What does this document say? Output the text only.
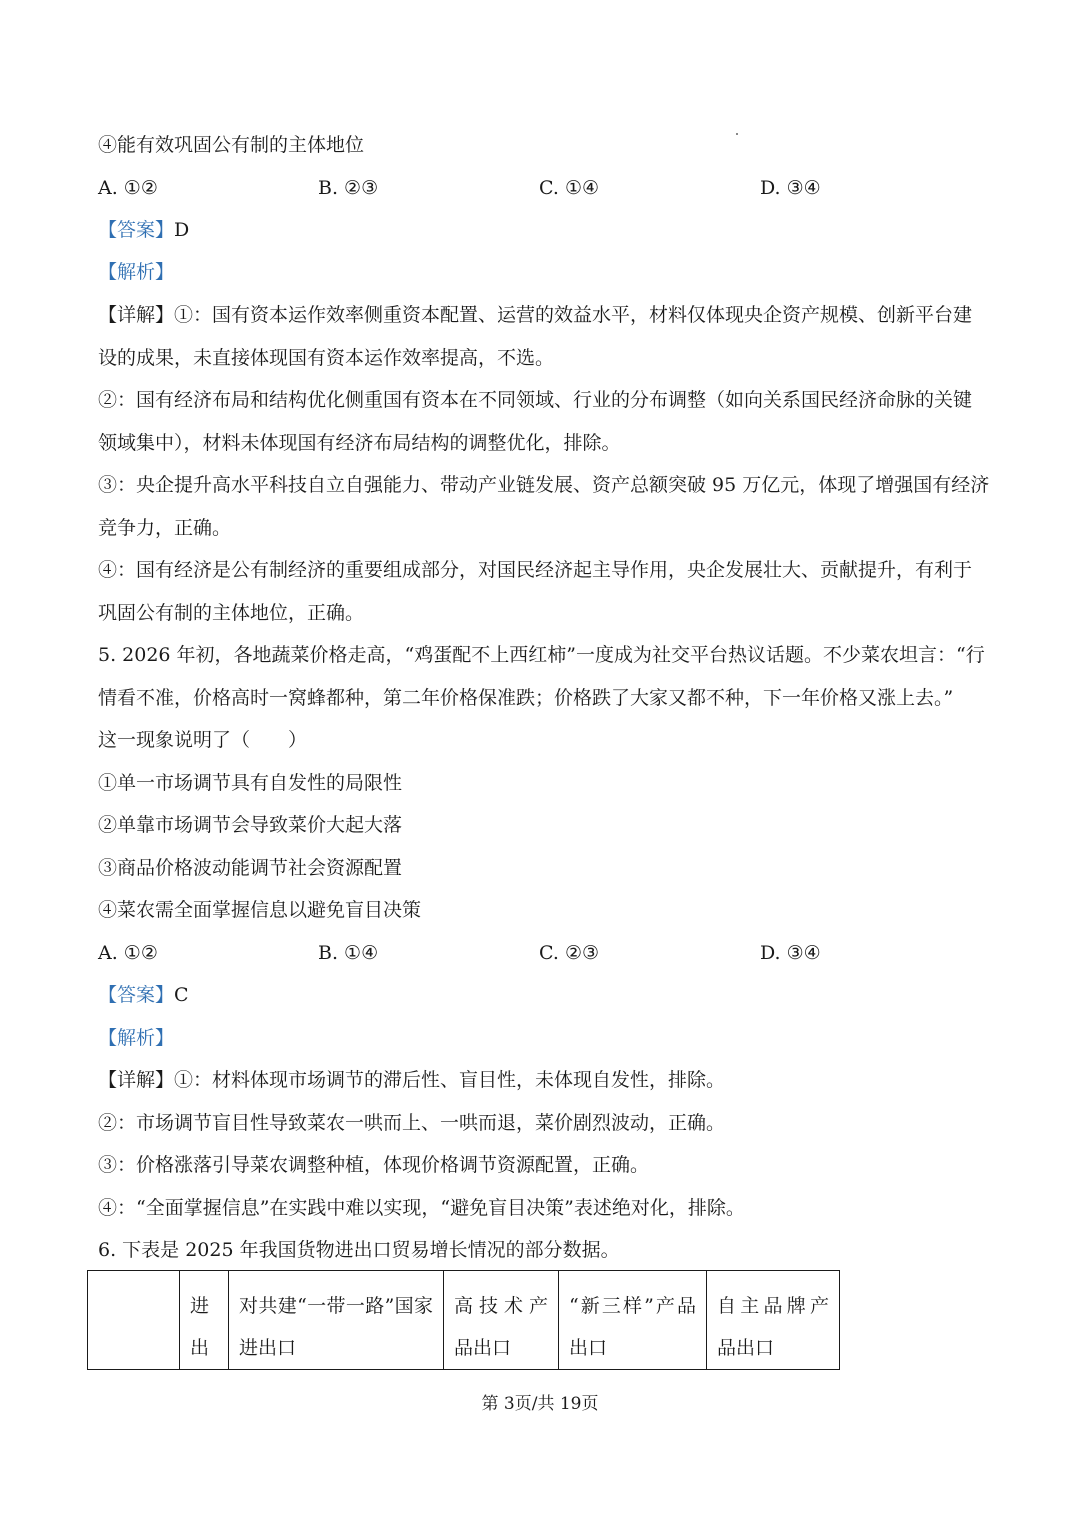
④能有效巩固公有制的主体地位
A. ①②	B. ②③	C. ①④	D. ③④
【答案】D
【解析】
【详解】①：国有资本运作效率侧重资本配置、运营的效益水平，材料仅体现央企资产规模、创新平台建
设的成果，未直接体现国有资本运作效率提高，不选。
②：国有经济布局和结构优化侧重国有资本在不同领域、行业的分布调整（如向关系国民经济命脉的关键
领域集中），材料未体现国有经济布局结构的调整优化，排除。
③：央企提升高水平科技自立自强能力、带动产业链发展、资产总额突破 95 万亿元，体现了增强国有经济
竞争力，正确。
④：国有经济是公有制经济的重要组成部分，对国民经济起主导作用，央企发展壮大、贡献提升，有利于
巩固公有制的主体地位，正确。
5. 2026 年初，各地蔬菜价格走高，“鸡蛋配不上西红柿”一度成为社交平台热议话题。不少菜农坦言：“行
情看不准，价格高时一窝蜂都种，第二年价格保准跌；价格跌了大家又都不种，下一年价格又涨上去。”
这一现象说明了（　　）
①单一市场调节具有自发性的局限性
②单靠市场调节会导致菜价大起大落
③商品价格波动能调节社会资源配置
④菜农需全面掌握信息以避免盲目决策
A. ①②	B. ①④	C. ②③	D. ③④
【答案】C
【解析】
【详解】①：材料体现市场调节的滞后性、盲目性，未体现自发性，排除。
②：市场调节盲目性导致菜农一哄而上、一哄而退，菜价剧烈波动，正确。
③：价格涨落引导菜农调整种植，体现价格调节资源配置，正确。
④：“全面掌握信息”在实践中难以实现，“避免盲目决策”表述绝对化，排除。
6. 下表是 2025 年我国货物进出口贸易增长情况的部分数据。
	进出	对共建“一带一路”国家进出口	高技术产品出口	“新三样”产品出口	自主品牌产品出口
第 3页/共 19页
